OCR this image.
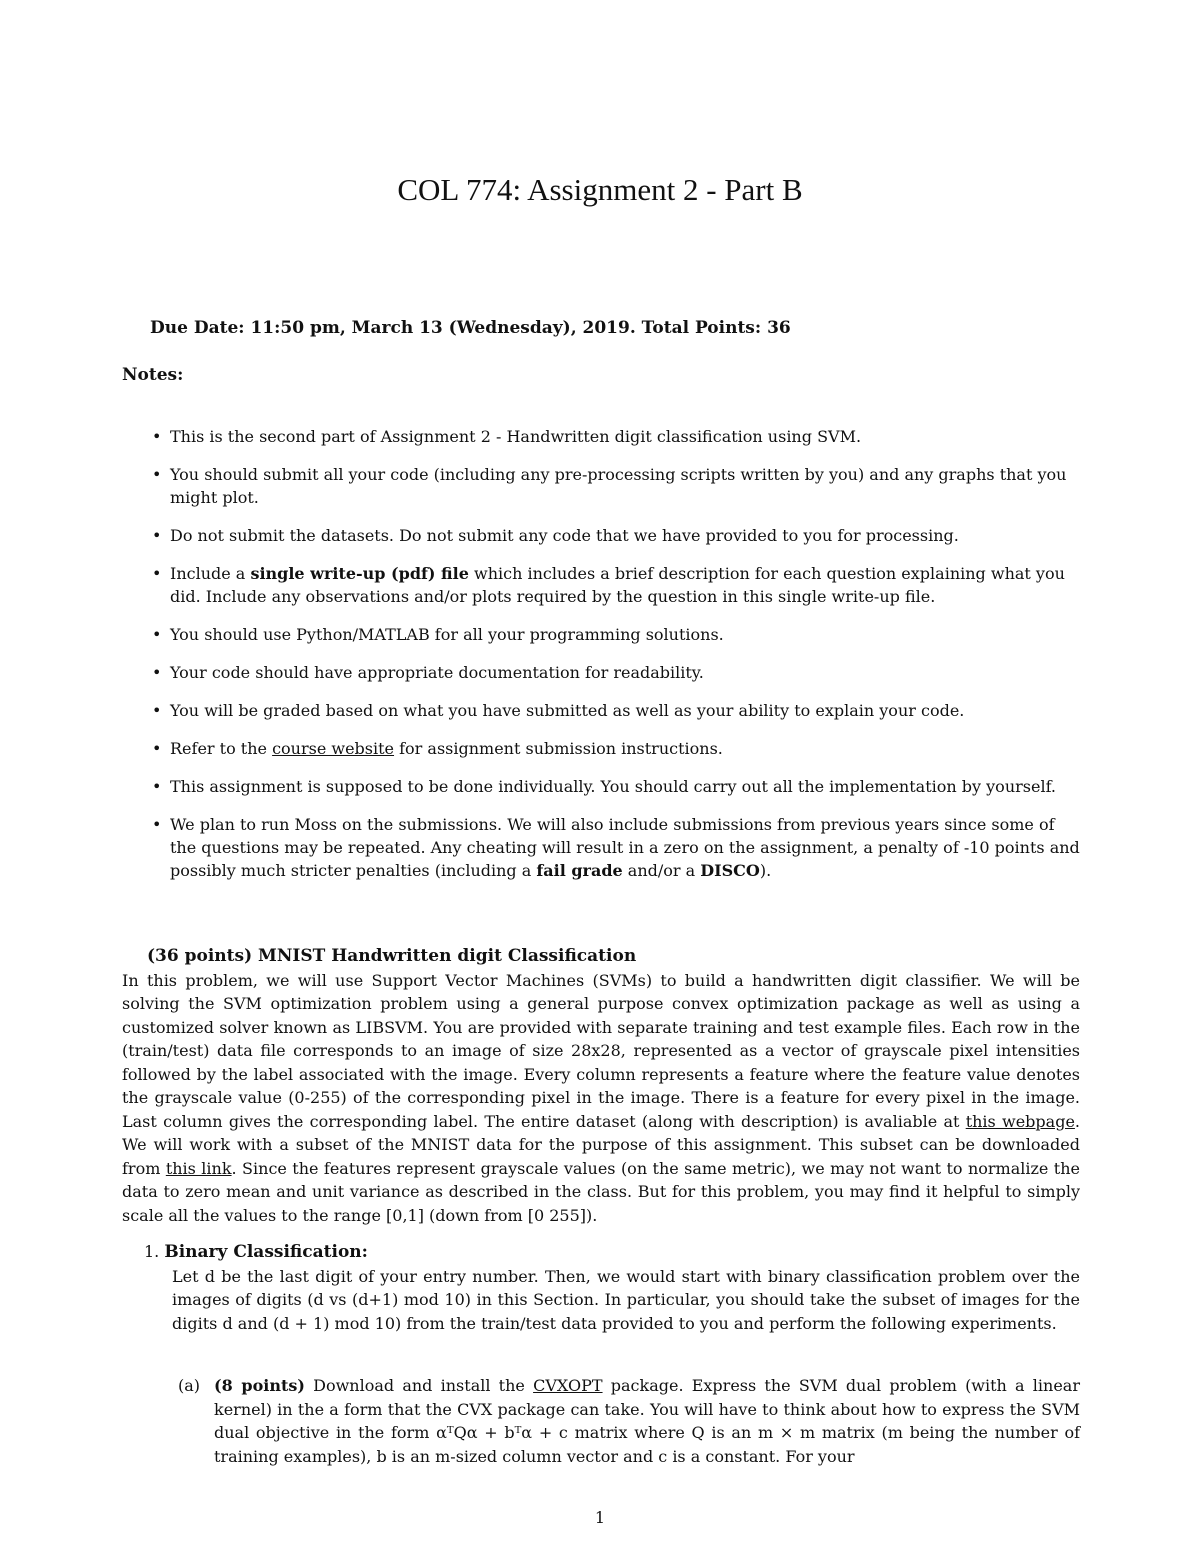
COL 774: Assignment 2 - Part B
Due Date: 11:50 pm, March 13 (Wednesday), 2019. Total Points: 36
Notes:
• This is the second part of Assignment 2 - Handwritten digit classification using SVM.
• You should submit all your code (including any pre-processing scripts written by you) and any graphs that you might plot.
• Do not submit the datasets. Do not submit any code that we have provided to you for processing.
• Include a single write-up (pdf) file which includes a brief description for each question explaining what you did. Include any observations and/or plots required by the question in this single write-up file.
• You should use Python/MATLAB for all your programming solutions.
• Your code should have appropriate documentation for readability.
• You will be graded based on what you have submitted as well as your ability to explain your code.
• Refer to the course website for assignment submission instructions.
• This assignment is supposed to be done individually. You should carry out all the implementation by yourself.
• We plan to run Moss on the submissions. We will also include submissions from previous years since some of the questions may be repeated. Any cheating will result in a zero on the assignment, a penalty of -10 points and possibly much stricter penalties (including a fail grade and/or a DISCO).
(36 points) MNIST Handwritten digit Classification

In this problem, we will use Support Vector Machines (SVMs) to build a handwritten digit classifier. We will be solving the SVM optimization problem using a general purpose convex optimization package as well as using a customized solver known as LIBSVM. You are provided with separate training and test example files. Each row in the (train/test) data file corresponds to an image of size 28x28, represented as a vector of grayscale pixel intensities followed by the label associated with the image. Every column represents a feature where the feature value denotes the grayscale value (0-255) of the corresponding pixel in the image. There is a feature for every pixel in the image. Last column gives the corresponding label. The entire dataset (along with description) is avaliable at this webpage. We will work with a subset of the MNIST data for the purpose of this assignment. This subset can be downloaded from this link. Since the features represent grayscale values (on the same metric), we may not want to normalize the data to zero mean and unit variance as described in the class. But for this problem, you may find it helpful to simply scale all the values to the range [0,1] (down from [0 255]).

1. Binary Classification:

Let d be the last digit of your entry number. Then, we would start with binary classification problem over the images of digits (d vs (d+1) mod 10) in this Section. In particular, you should take the subset of images for the digits d and (d + 1) mod 10) from the train/test data provided to you and perform the following experiments.

(a) (8 points) Download and install the CVXOPT package. Express the SVM dual problem (with a linear kernel) in the a form that the CVX package can take. You will have to think about how to express the SVM dual objective in the form αᵀQα + bᵀα + c matrix where Q is an m × m matrix (m being the number of training examples), b is an m-sized column vector and c is a constant. For your

1
